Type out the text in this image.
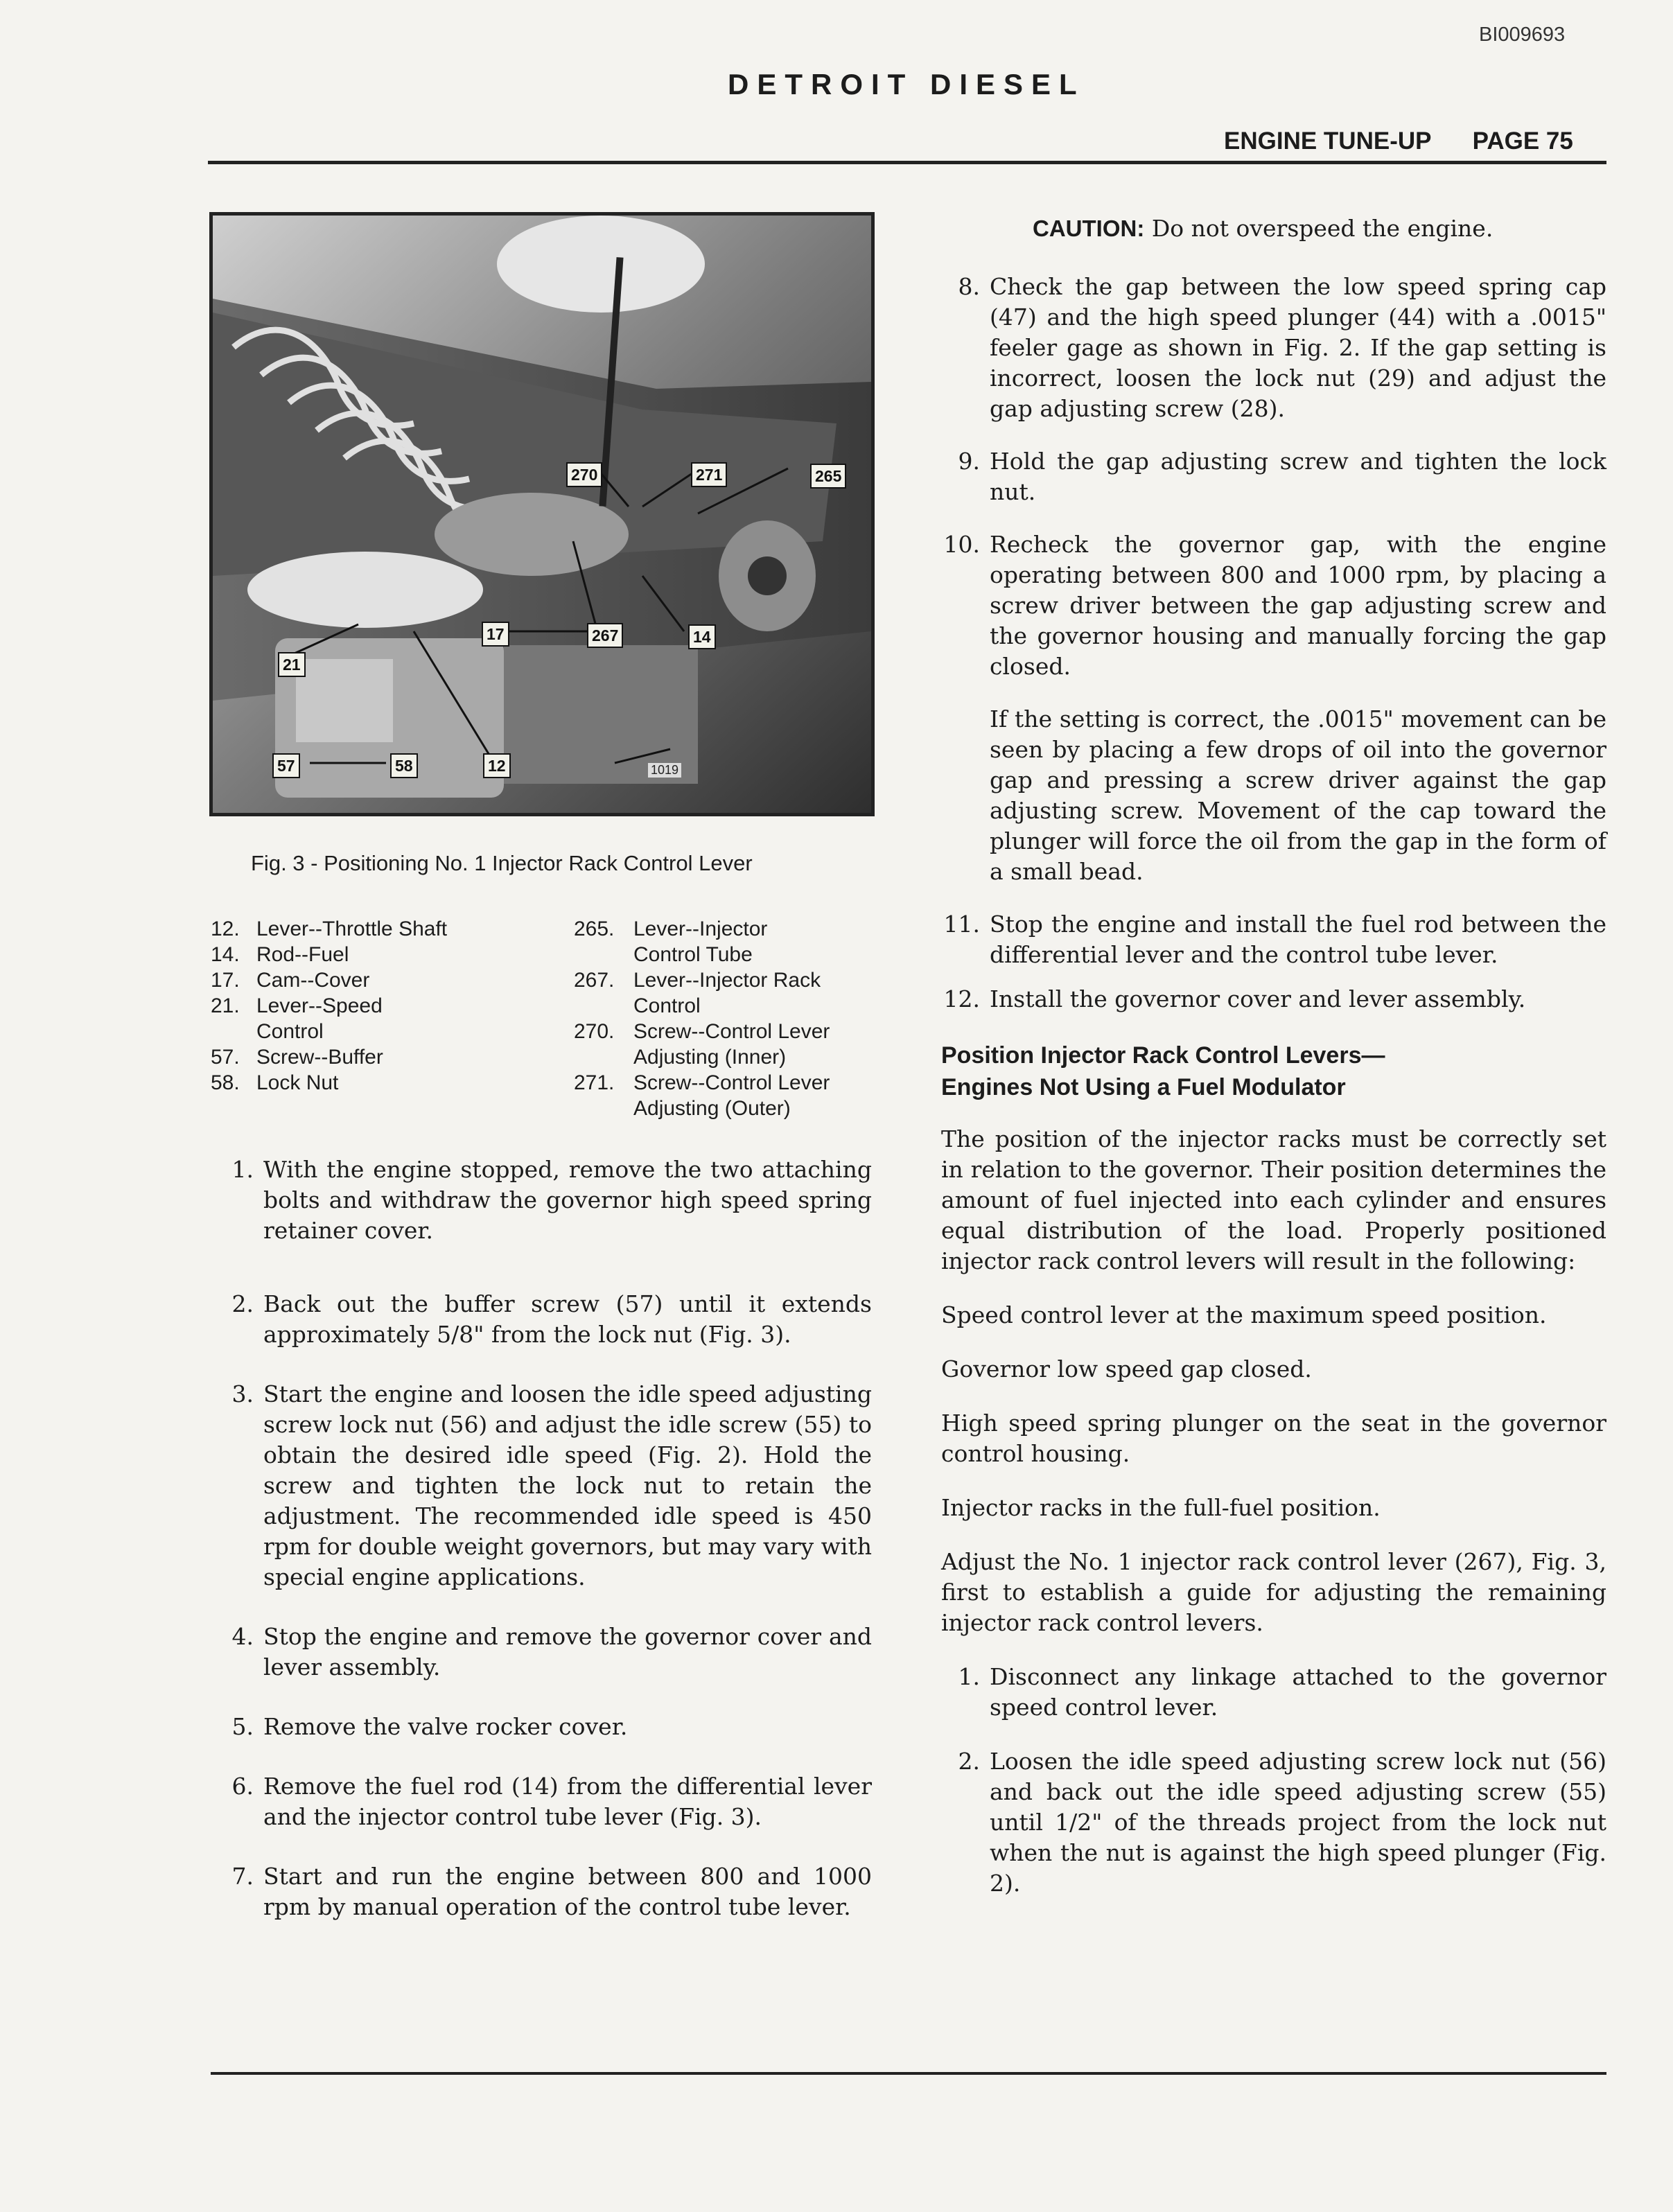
BI009693
DETROIT DIESEL
ENGINE TUNE-UP PAGE 75
270	271	265
17	267	14
21
57	58	12	1019
Fig. 3 - Positioning No. 1 Injector Rack Control Lever
12. Lever--Throttle Shaft
14. Rod--Fuel
17. Cam--Cover
21. Lever--Speed
Control
57. Screw--Buffer
58. Lock Nut
265. Lever--Injector
Control Tube
267. Lever--Injector Rack
Control
270. Screw--Control Lever
Adjusting (Inner)
271. Screw--Control Lever
Adjusting (Outer)

1. With the engine stopped, remove the two attaching bolts and withdraw the governor high speed spring retainer cover.

2. Back out the buffer screw (57) until it extends approximately 5/8" from the lock nut (Fig. 3).

3. Start the engine and loosen the idle speed adjusting screw lock nut (56) and adjust the idle screw (55) to obtain the desired idle speed (Fig. 2). Hold the screw and tighten the lock nut to retain the adjustment. The recommended idle speed is 450 rpm for double weight governors, but may vary with special engine applications.

4. Stop the engine and remove the governor cover and lever assembly.

5. Remove the valve rocker cover.

6. Remove the fuel rod (14) from the differential lever and the injector control tube lever (Fig. 3).

7. Start and run the engine between 800 and 1000 rpm by manual operation of the control tube lever.

CAUTION: Do not overspeed the engine.

8. Check the gap between the low speed spring cap (47) and the high speed plunger (44) with a .0015" feeler gage as shown in Fig. 2. If the gap setting is incorrect, loosen the lock nut (29) and adjust the gap adjusting screw (28).

9. Hold the gap adjusting screw and tighten the lock nut.

10. Recheck the governor gap, with the engine operating between 800 and 1000 rpm, by placing a screw driver between the gap adjusting screw and the governor housing and manually forcing the gap closed.

If the setting is correct, the .0015" movement can be seen by placing a few drops of oil into the governor gap and pressing a screw driver against the gap adjusting screw. Movement of the cap toward the plunger will force the oil from the gap in the form of a small bead.

11. Stop the engine and install the fuel rod between the differential lever and the control tube lever.

12. Install the governor cover and lever assembly.

Position Injector Rack Control Levers—

Engines Not Using a Fuel Modulator

The position of the injector racks must be correctly set in relation to the governor. Their position determines the amount of fuel injected into each cylinder and ensures equal distribution of the load. Properly positioned injector rack control levers will result in the following:

Speed control lever at the maximum speed position.

Governor low speed gap closed.

High speed spring plunger on the seat in the governor control housing.

Injector racks in the full-fuel position.

Adjust the No. 1 injector rack control lever (267), Fig. 3, first to establish a guide for adjusting the remaining injector rack control levers.

1. Disconnect any linkage attached to the governor speed control lever.

2. Loosen the idle speed adjusting screw lock nut (56) and back out the idle speed adjusting screw (55) until 1/2" of the threads project from the lock nut when the nut is against the high speed plunger (Fig. 2).
